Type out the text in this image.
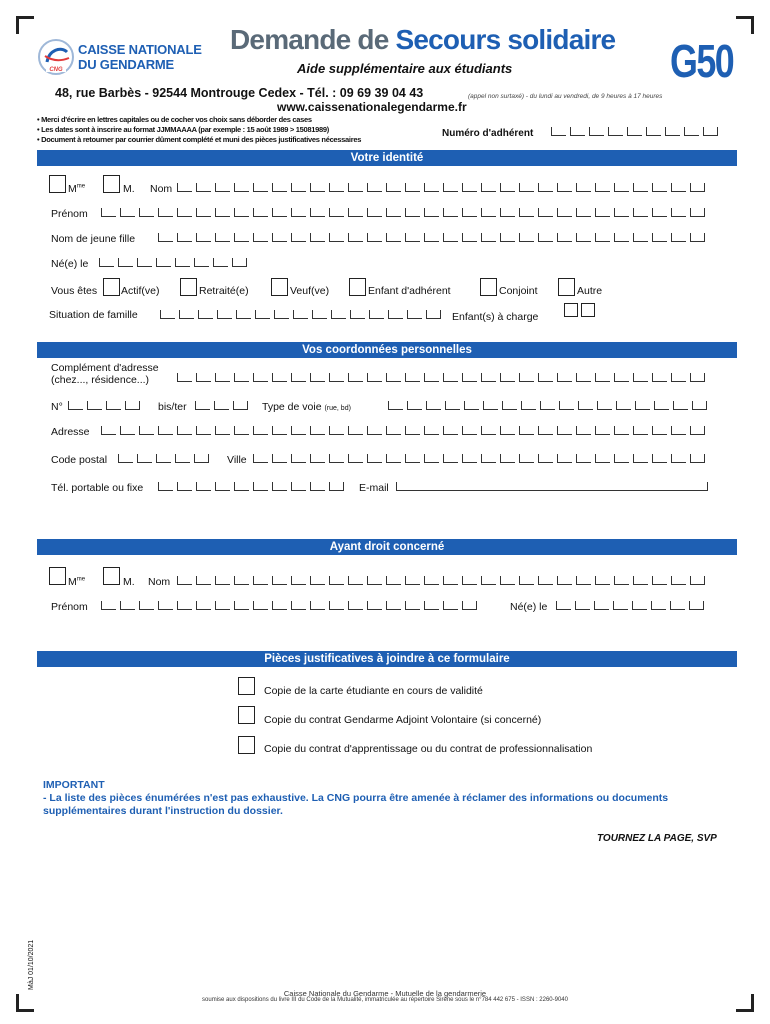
CNG
CAISSE NATIONALE
DU GENDARME
Demande de Secours solidaire
Aide supplémentaire aux étudiants	G50
48, rue Barbès - 92544 Montrouge Cedex - Tél. : 09 69 39 04 43	(appel non surtaxé) - du lundi au vendredi, de 9 heures à 17 heures
www.caissenationalegendarme.fr
• Merci d'écrire en lettres capitales ou de cocher vos choix sans déborder des cases
• Les dates sont à inscrire au format JJMMAAAA (par exemple : 15 août 1989 > 15081989)
• Document à retourner par courrier dûment complété et muni des pièces justificatives nécessaires
Numéro d'adhérent
Votre identité
$M^{me}$	M. Nom
Prénom
Nom de jeune fille
Né(e) le
Vous êtes Actif(ve)	Retraité(e)	Veuf(ve)	Enfant d'adhérent	Conjoint	Autre
Situation de famille	Enfant(s) à charge
Vos coordonnées personnelles
Complément d'adresse
(chez..., résidence...)
N°	bis/ter	Type de voie (rue, bd)
Adresse
Code postal	Ville
Tél. portable ou fixe	E-mail
Ayant droit concerné
$M^{me}$	M. Nom
Prénom	Né(e) le
Pièces justificatives à joindre à ce formulaire
Copie de la carte étudiante en cours de validité
Copie du contrat Gendarme Adjoint Volontaire (si concerné)
Copie du contrat d'apprentissage ou du contrat de professionnalisation
IMPORTANT
- La liste des pièces énumérées n'est pas exhaustive. La CNG pourra être amenée à réclamer des informations ou documents supplémentaires durant l'instruction du dossier.
TOURNEZ LA PAGE, SVP
MàJ 01/10/2021
Caisse Nationale du Gendarme - Mutuelle de la gendarmerie
soumise aux dispositions du livre III du Code de la Mutualité, immatriculée au répertoire Sirene sous le n°784 442 675 - ISSN : 2260-9040
